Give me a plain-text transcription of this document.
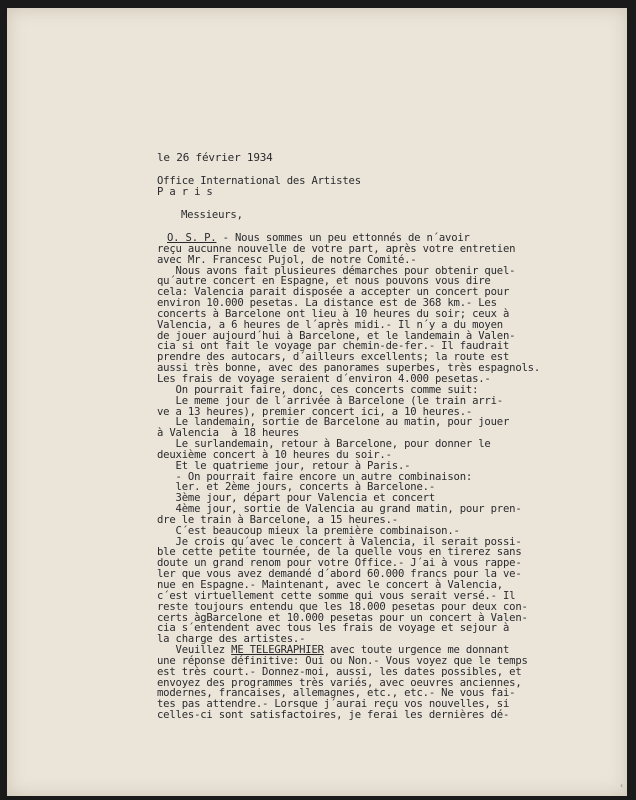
le 26 février 1934
Office International des Artistes
P a r i s
Messieurs,
O. S. P. - Nous sommes un peu ettonnés de n´avoir
reçu aucunne nouvelle de votre part, après votre entretien
avec Mr. Francesc Pujol, de notre Comité.-
Nous avons fait plusieures démarches pour obtenir quel-
qu´autre concert en Espagne, et nous pouvons vous dire
cela: Valencia parait disposée a accepter un concert pour
environ 10.000 pesetas. La distance est de 368 km.- Les
concerts à Barcelone ont lieu à 10 heures du soir; ceux à
Valencia, a 6 heures de l´après midi.- Il n´y a du moyen
de jouer aujourd´hui à Barcelone, et le landemain à Valen-
cia si ont fait le voyage par chemin-de-fer.- Il faudrait
prendre des autocars, d´ailleurs excellents; la route est
aussi très bonne, avec des panorames superbes, très espagnols.
Les frais de voyage seraient d´environ 4.000 pesetas.-
On pourrait faire, donc, ces concerts comme suit:
Le meme jour de l´arrivée à Barcelone (le train arri-
ve a 13 heures), premier concert ici, a 10 heures.-
Le landemain, sortie de Barcelone au matin, pour jouer
à Valencia  à 18 heures
Le surlandemain, retour à Barcelone, pour donner le
deuxième concert à 10 heures du soir.-
Et le quatrieme jour, retour à Paris.-
- On pourrait faire encore un autre combinaison:
ler. et 2ème jours, concerts à Barcelone.-
3ème jour, départ pour Valencia et concert
4ème jour, sortie de Valencia au grand matin, pour pren-
dre le train à Barcelone, a 15 heures.-
C´est beaucoup mieux la première combinaison.-
Je crois qu´avec le concert à Valencia, il serait possi-
ble cette petite tournée, de la quelle vous en tirerez sans
doute un grand renom pour votre Office.- J´ai à vous rappe-
ler que vous avez demandé d´abord 60.000 francs pour la ve-
nue en Espagne.- Maintenant, avec le concert à Valencia,
c´est virtuellement cette somme qui vous serait versé.- Il
reste toujours entendu que les 18.000 pesetas pour deux con-
certs àgBarcelone et 10.000 pesetas pour un concert à Valen-
cia s´entendent avec tous les frais de voyage et sejour à
la charge des artistes.-
Veuillez ME TELEGRAPHIER avec toute urgence me donnant
une réponse définitive: Oui ou Non.- Vous voyez que le temps
est très court.- Donnez-moi, aussi, les dates possibles, et
envoyez des programmes très variés, avec oeuvres anciennes,
modernes, francaises, allemagnes, etc., etc.- Ne vous fai-
tes pas attendre.- Lorsque j´aurai reçu vos nouvelles, si
celles-ci sont satisfactoires, je ferai les dernières dé-
‹
